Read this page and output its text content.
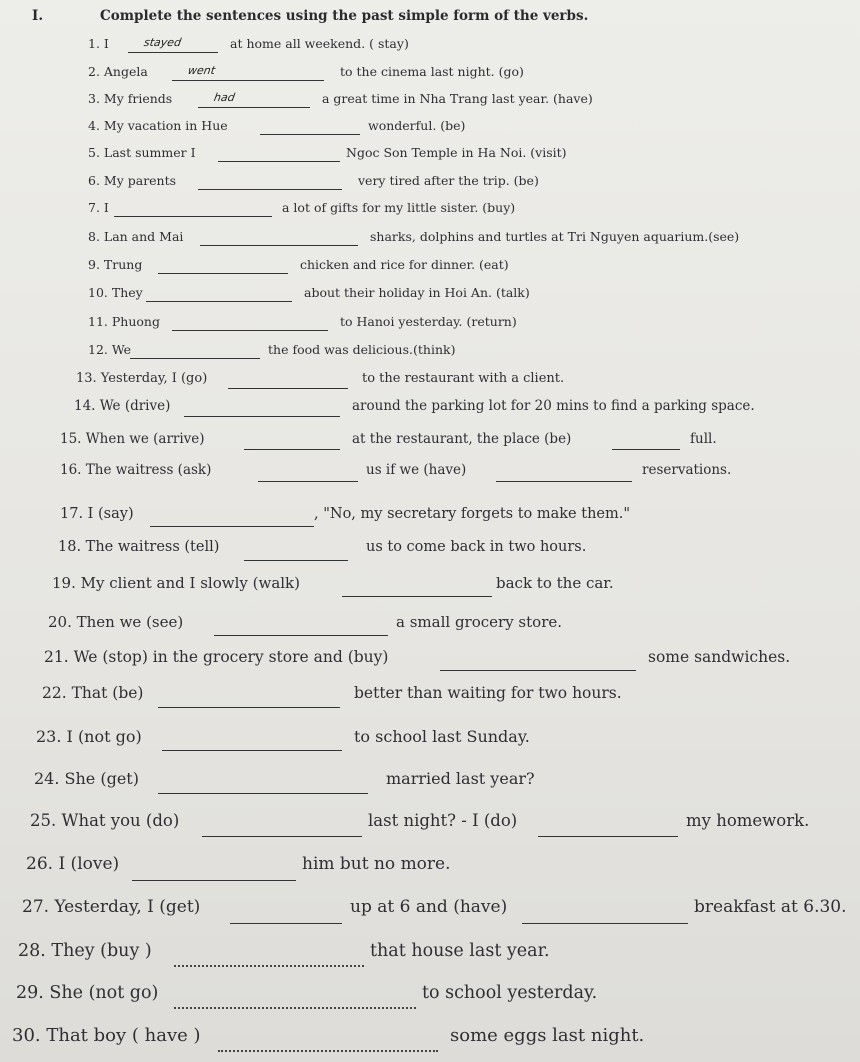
I.	Complete the sentences using the past simple form of the verbs.
1. I	stayed	at home all weekend. ( stay)
2. Angela	went	to the cinema last night. (go)
3. My friends	had	a great time in Nha Trang last year. (have)
4. My vacation in Hue	wonderful. (be)
5. Last summer I	Ngoc Son Temple in Ha Noi. (visit)
6. My parents	very tired after the trip. (be)
7. I	a lot of gifts for my little sister. (buy)
8. Lan and Mai	sharks, dolphins and turtles at Tri Nguyen aquarium.(see)
9. Trung	chicken and rice for dinner. (eat)
10. They	about their holiday in Hoi An. (talk)
11. Phuong	to Hanoi yesterday. (return)
12. We	the food was delicious.(think)
13. Yesterday, I (go)	to the restaurant with a client.
14. We (drive)	around the parking lot for 20 mins to find a parking space.
15. When we (arrive)	at the restaurant, the place (be)	full.
16. The waitress (ask)	us if we (have)	reservations.
17. I (say)	, "No, my secretary forgets to make them."
18. The waitress (tell)	us to come back in two hours.
19. My client and I slowly (walk)	back to the car.
20. Then we (see)	a small grocery store.
21. We (stop) in the grocery store and (buy)	some sandwiches.
22. That (be)	better than waiting for two hours.
23. I (not go)	to school last Sunday.
24. She (get)	married last year?
25. What you (do)	last night? - I (do)	my homework.
26. I (love)	him but no more.
27. Yesterday, I (get)	up at 6 and (have)	breakfast at 6.30.
28. They (buy )	that house last year.
29. She (not go)	to school yesterday.
30. That boy ( have )	some eggs last night.
